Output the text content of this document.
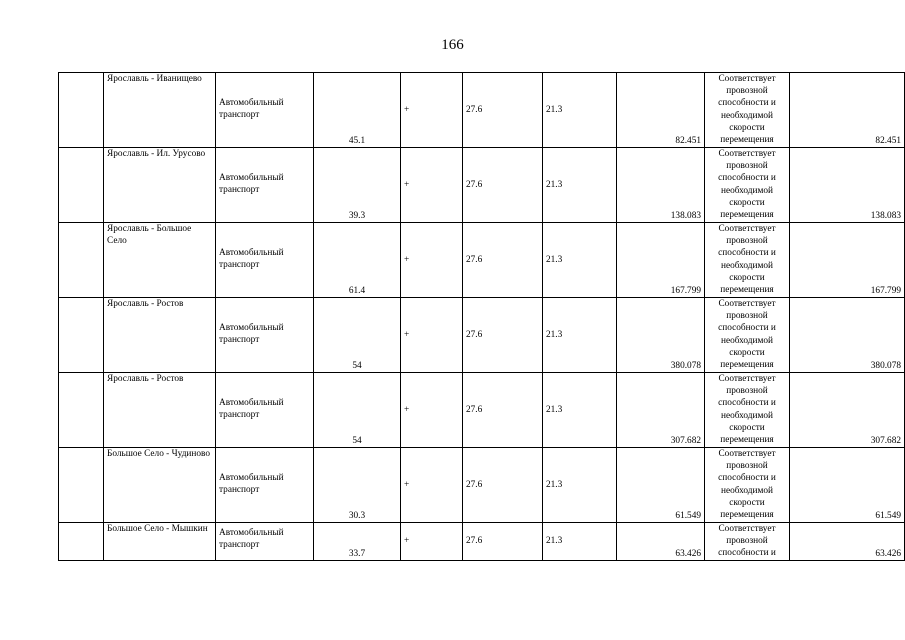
166

	Ярославль - Иванищево	Автомобильный транспорт	45.1	+	27.6	21.3	82.451	Соответствует провозной способности и необходимой скорости перемещения	82.451

	Ярославль - Ил. Урусово	Автомобильный транспорт	39.3	+	27.6	21.3	138.083	Соответствует провозной способности и необходимой скорости перемещения	138.083

	Ярославль - Большое Село	Автомобильный транспорт	61.4	+	27.6	21.3	167.799	Соответствует провозной способности и необходимой скорости перемещения	167.799

	Ярославль - Ростов	Автомобильный транспорт	54	+	27.6	21.3	380.078	Соответствует провозной способности и необходимой скорости перемещения	380.078

	Ярославль - Ростов	Автомобильный транспорт	54	+	27.6	21.3	307.682	Соответствует провозной способности и необходимой скорости перемещения	307.682

	Большое Село - Чудиново	Автомобильный транспорт	30.3	+	27.6	21.3	61.549	Соответствует провозной способности и необходимой скорости перемещения	61.549

	Большое Село - Мышкин	Автомобильный транспорт	33.7	+	27.6	21.3	63.426	Соответствует провозной способности и	63.426
